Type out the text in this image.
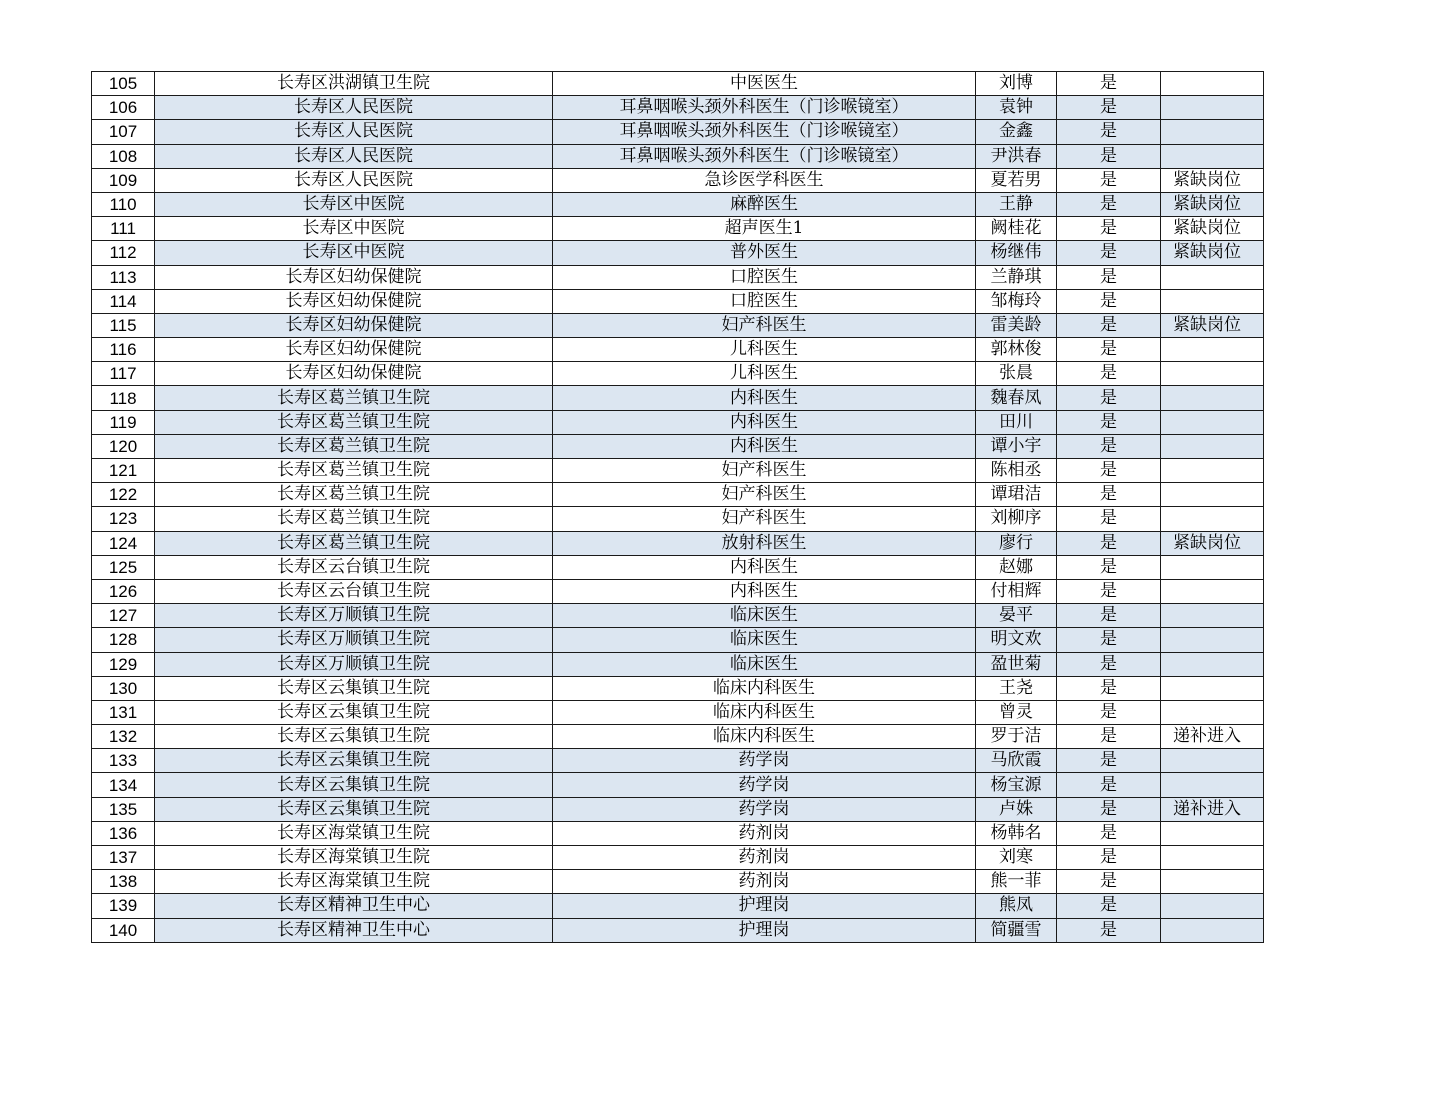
105	长寿区洪湖镇卫生院	中医医生	刘博	是	
106	长寿区人民医院	耳鼻咽喉头颈外科医生（门诊喉镜室）	袁钟	是	
107	长寿区人民医院	耳鼻咽喉头颈外科医生（门诊喉镜室）	金鑫	是	
108	长寿区人民医院	耳鼻咽喉头颈外科医生（门诊喉镜室）	尹洪春	是	
109	长寿区人民医院	急诊医学科医生	夏若男	是	紧缺岗位
110	长寿区中医院	麻醉医生	王静	是	紧缺岗位
111	长寿区中医院	超声医生1	阙桂花	是	紧缺岗位
112	长寿区中医院	普外医生	杨继伟	是	紧缺岗位
113	长寿区妇幼保健院	口腔医生	兰静琪	是	
114	长寿区妇幼保健院	口腔医生	邹梅玲	是	
115	长寿区妇幼保健院	妇产科医生	雷美龄	是	紧缺岗位
116	长寿区妇幼保健院	儿科医生	郭林俊	是	
117	长寿区妇幼保健院	儿科医生	张晨	是	
118	长寿区葛兰镇卫生院	内科医生	魏春凤	是	
119	长寿区葛兰镇卫生院	内科医生	田川	是	
120	长寿区葛兰镇卫生院	内科医生	谭小宇	是	
121	长寿区葛兰镇卫生院	妇产科医生	陈相丞	是	
122	长寿区葛兰镇卫生院	妇产科医生	谭珺洁	是	
123	长寿区葛兰镇卫生院	妇产科医生	刘柳序	是	
124	长寿区葛兰镇卫生院	放射科医生	廖行	是	紧缺岗位
125	长寿区云台镇卫生院	内科医生	赵娜	是	
126	长寿区云台镇卫生院	内科医生	付相辉	是	
127	长寿区万顺镇卫生院	临床医生	晏平	是	
128	长寿区万顺镇卫生院	临床医生	明文欢	是	
129	长寿区万顺镇卫生院	临床医生	盈世菊	是	
130	长寿区云集镇卫生院	临床内科医生	王尧	是	
131	长寿区云集镇卫生院	临床内科医生	曾灵	是	
132	长寿区云集镇卫生院	临床内科医生	罗于洁	是	递补进入
133	长寿区云集镇卫生院	药学岗	马欣霞	是	
134	长寿区云集镇卫生院	药学岗	杨宝源	是	
135	长寿区云集镇卫生院	药学岗	卢姝	是	递补进入
136	长寿区海棠镇卫生院	药剂岗	杨韩名	是	
137	长寿区海棠镇卫生院	药剂岗	刘寒	是	
138	长寿区海棠镇卫生院	药剂岗	熊一菲	是	
139	长寿区精神卫生中心	护理岗	熊凤	是	
140	长寿区精神卫生中心	护理岗	简疆雪	是	
